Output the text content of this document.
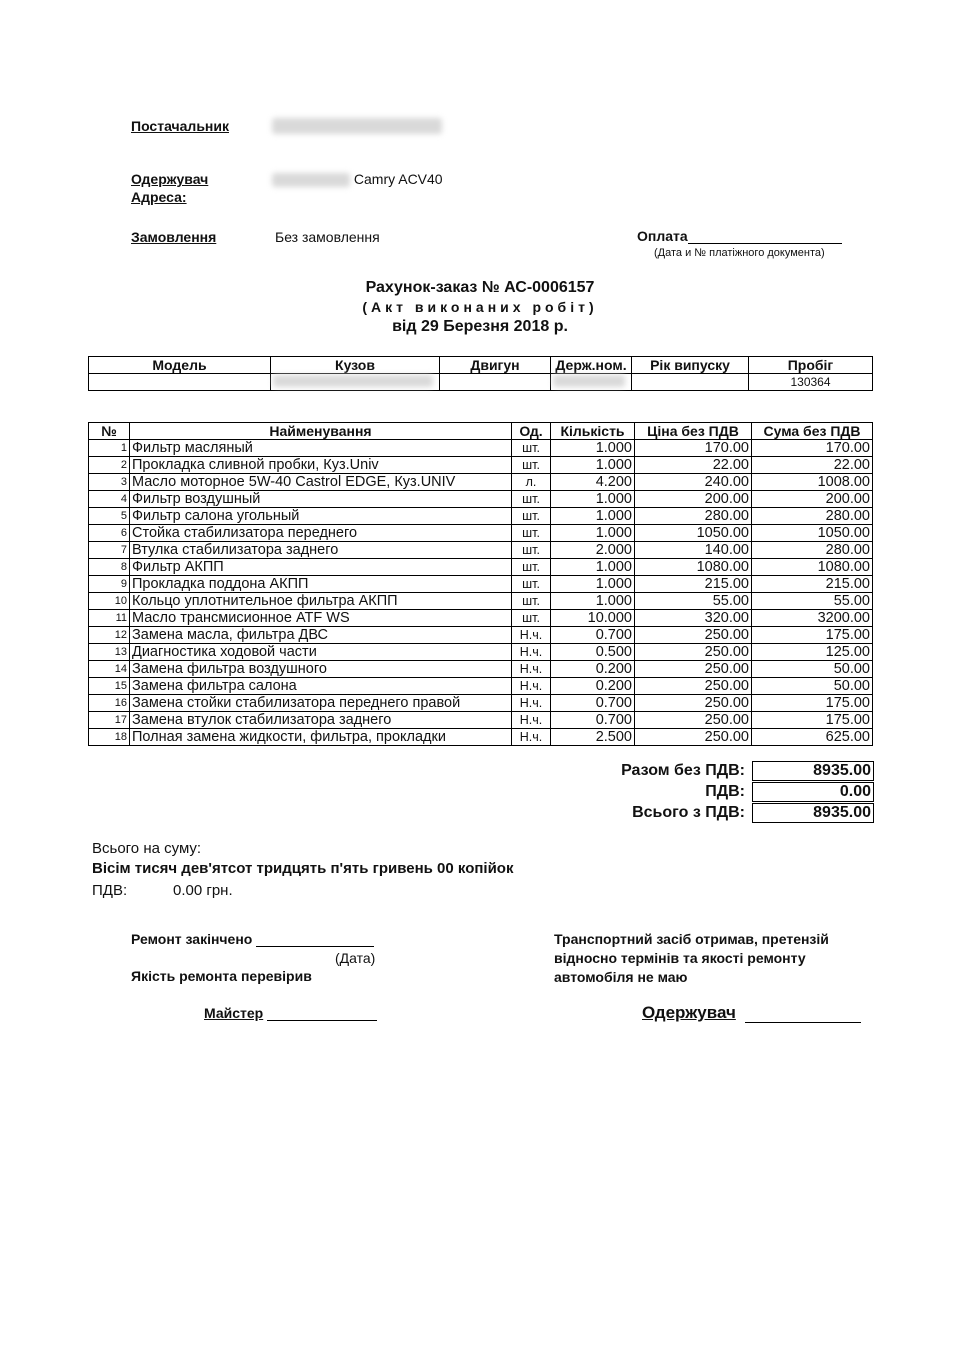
Постачальник
Одержувач	Camry ACV40
Адреса:
Замовлення	Без замовлення	Оплата
(Дата и № платіжного документа)
Рахунок-заказ № АС-0006157
(Акт виконаних робіт)
від 29 Березня 2018 р.
Модель	Кузов	Двигун	Держ.ном.	Рік випуску	Пробіг
					130364
№	Найменування	Од.	Кількість	Ціна без ПДВ	Сума без ПДВ
1	Фильтр масляный	шт.	1.000	170.00	170.00
2	Прокладка сливной пробки, Куз.Univ	шт.	1.000	22.00	22.00
3	Масло моторное 5W-40 Castrol EDGE, Куз.UNIV	л.	4.200	240.00	1008.00
4	Фильтр воздушный	шт.	1.000	200.00	200.00
5	Фильтр салона угольный	шт.	1.000	280.00	280.00
6	Стойка стабилизатора переднего	шт.	1.000	1050.00	1050.00
7	Втулка стабилизатора заднего	шт.	2.000	140.00	280.00
8	Фильтр АКПП	шт.	1.000	1080.00	1080.00
9	Прокладка поддона АКПП	шт.	1.000	215.00	215.00
10	Кольцо уплотнительное фильтра АКПП	шт.	1.000	55.00	55.00
11	Масло трансмисионное ATF WS	шт.	10.000	320.00	3200.00
12	Замена масла, фильтра ДВС	Н.ч.	0.700	250.00	175.00
13	Диагностика ходовой части	Н.ч.	0.500	250.00	125.00
14	Замена фильтра воздушного	Н.ч.	0.200	250.00	50.00
15	Замена фильтра салона	Н.ч.	0.200	250.00	50.00
16	Замена стойки стабилизатора переднего правой	Н.ч.	0.700	250.00	175.00
17	Замена втулок стабилизатора заднего	Н.ч.	0.700	250.00	175.00
18	Полная замена жидкости, фильтра, прокладки	Н.ч.	2.500	250.00	625.00
Разом без ПДВ:	8935.00
ПДВ:	0.00
Всього з ПДВ:	8935.00
Всього на суму:
Вісім тисяч дев'ятсот тридцять п'ять гривень 00 копійок
ПДВ:	0.00 грн.
Ремонт закінчено
(Дата)
Якість ремонта перевірив
Майстер
Транспортний засіб отримав, претензій відносно термінів та якості ремонту автомобіля не маю
Одержувач
